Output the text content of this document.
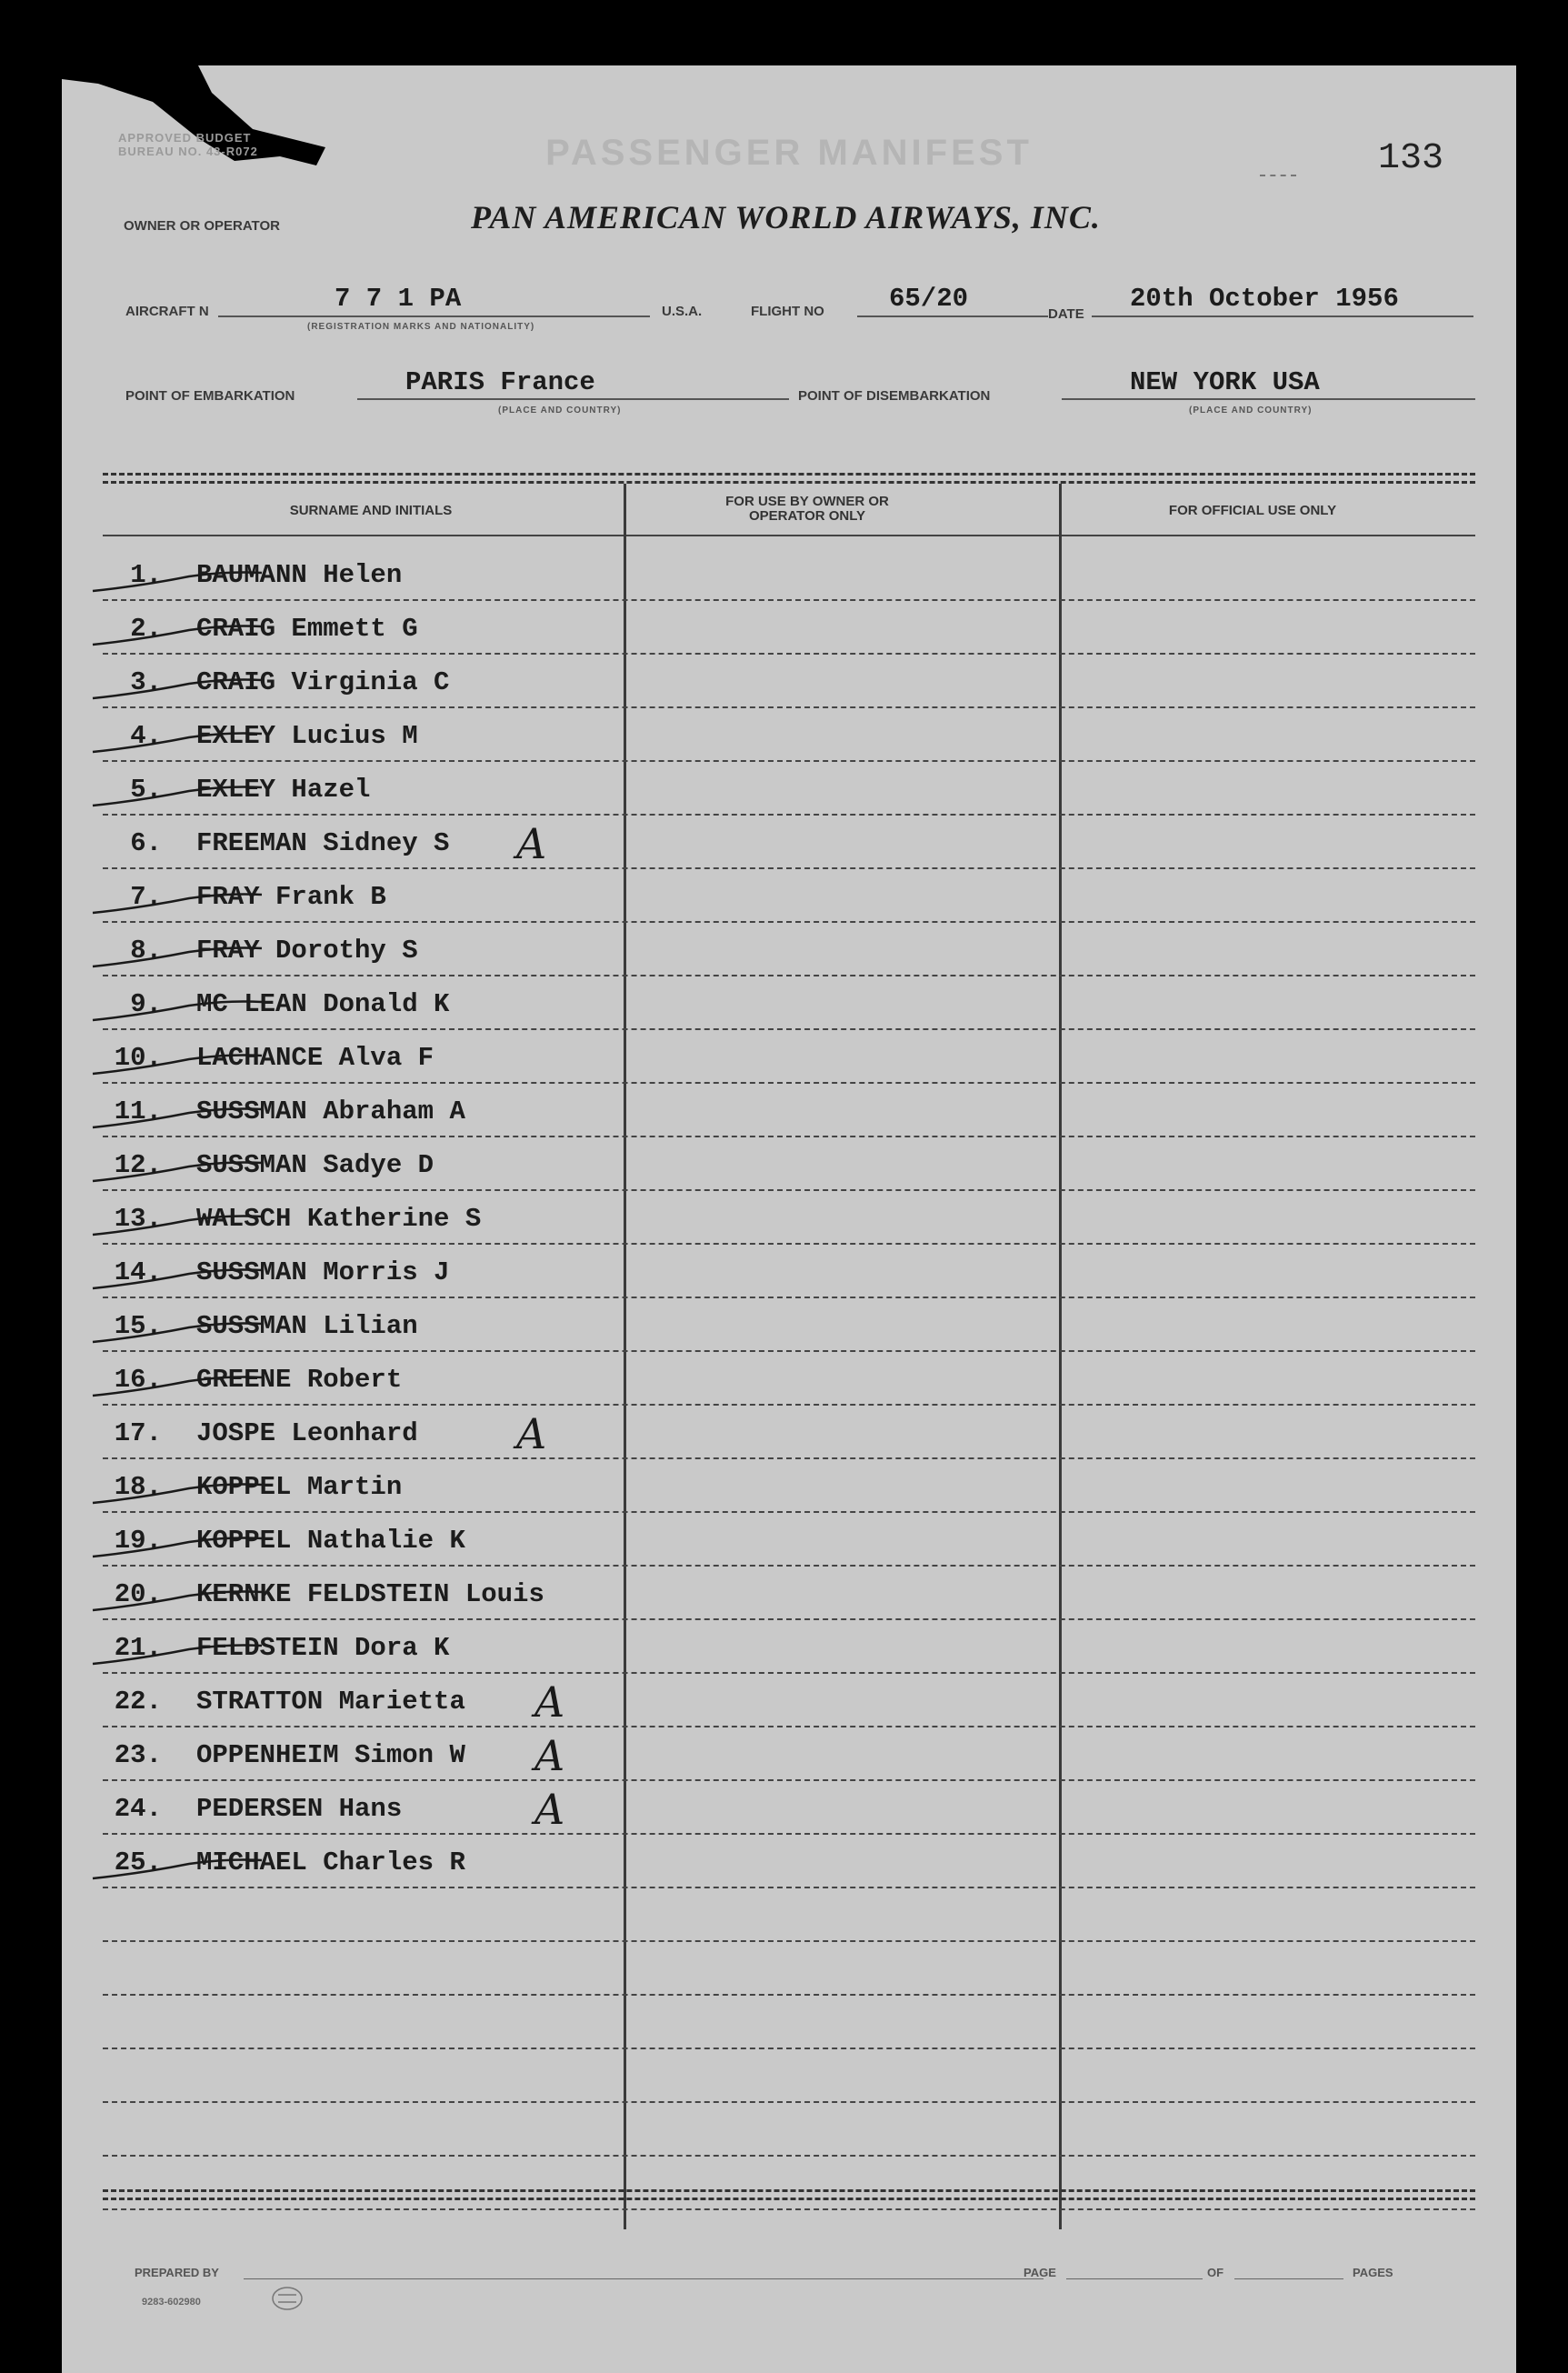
APPROVED BUDGET BUREAU NO. 43-R072	PASSENGER MANIFEST	133
OWNER OR OPERATOR	PAN AMERICAN WORLD AIRWAYS, INC.
AIRCRAFT N	7 7 1 PA
(REGISTRATION MARKS AND NATIONALITY)
U.S.A.	FLIGHT NO 65/20
DATE
20th October 1956
POINT OF EMBARKATION	PARIS France
(PLACE AND COUNTRY)
POINT OF DISEMBARKATION	NEW YORK USA
(PLACE AND COUNTRY)
SURNAME AND INITIALS
FOR USE BY OWNER OR OPERATOR ONLY	FOR OFFICIAL USE ONLY
1. BAUMANN Helen
2. CRAIG Emmett G
3. CRAIG Virginia C
4. EXLEY Lucius M
5. EXLEY Hazel
6. FREEMAN Sidney S A
7. FRAY Frank B
8. FRAY Dorothy S
9. MC LEAN Donald K
10. LACHANCE Alva F
11. SUSSMAN Abraham A
12. SUSSMAN Sadye D
13. WALSCH Katherine S
14. SUSSMAN Morris J
15. SUSSMAN Lilian
16. GREENE Robert
17. JOSPE Leonhard A
18. KOPPEL Martin
19. KOPPEL Nathalie K
20. KERNKE FELDSTEIN Louis
21. FELDSTEIN Dora K
22. STRATTON Marietta A
23. OPPENHEIM Simon W A
24. PEDERSEN Hans	A
25. MICHAEL Charles R
PREPARED BY	PAGE	OF	PAGES
9283-602980
